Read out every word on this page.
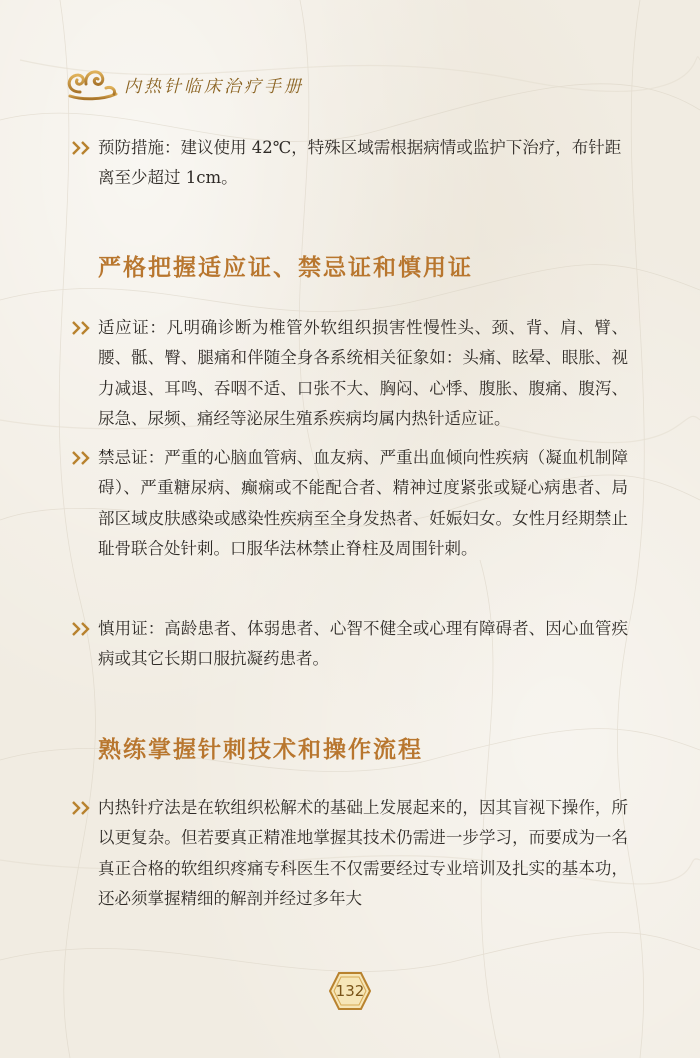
内热针临床治疗手册
预防措施：建议使用 42℃，特殊区域需根据病情或监护下治疗，布针距离至少超过 1cm。
严格把握适应证、禁忌证和慎用证
适应证：凡明确诊断为椎管外软组织损害性慢性头、颈、背、肩、臂、腰、骶、臀、腿痛和伴随全身各系统相关征象如：头痛、眩晕、眼胀、视力减退、耳鸣、吞咽不适、口张不大、胸闷、心悸、腹胀、腹痛、腹泻、尿急、尿频、痛经等泌尿生殖系疾病均属内热针适应证。
禁忌证：严重的心脑血管病、血友病、严重出血倾向性疾病（凝血机制障碍）、严重糖尿病、癫痫或不能配合者、精神过度紧张或疑心病患者、局部区域皮肤感染或感染性疾病至全身发热者、妊娠妇女。女性月经期禁止耻骨联合处针刺。口服华法林禁止脊柱及周围针刺。
慎用证：高龄患者、体弱患者、心智不健全或心理有障碍者、因心血管疾病或其它长期口服抗凝药患者。
熟练掌握针刺技术和操作流程
内热针疗法是在软组织松解术的基础上发展起来的，因其盲视下操作，所以更复杂。但若要真正精准地掌握其技术仍需进一步学习，而要成为一名真正合格的软组织疼痛专科医生不仅需要经过专业培训及扎实的基本功，还必须掌握精细的解剖并经过多年大
132
